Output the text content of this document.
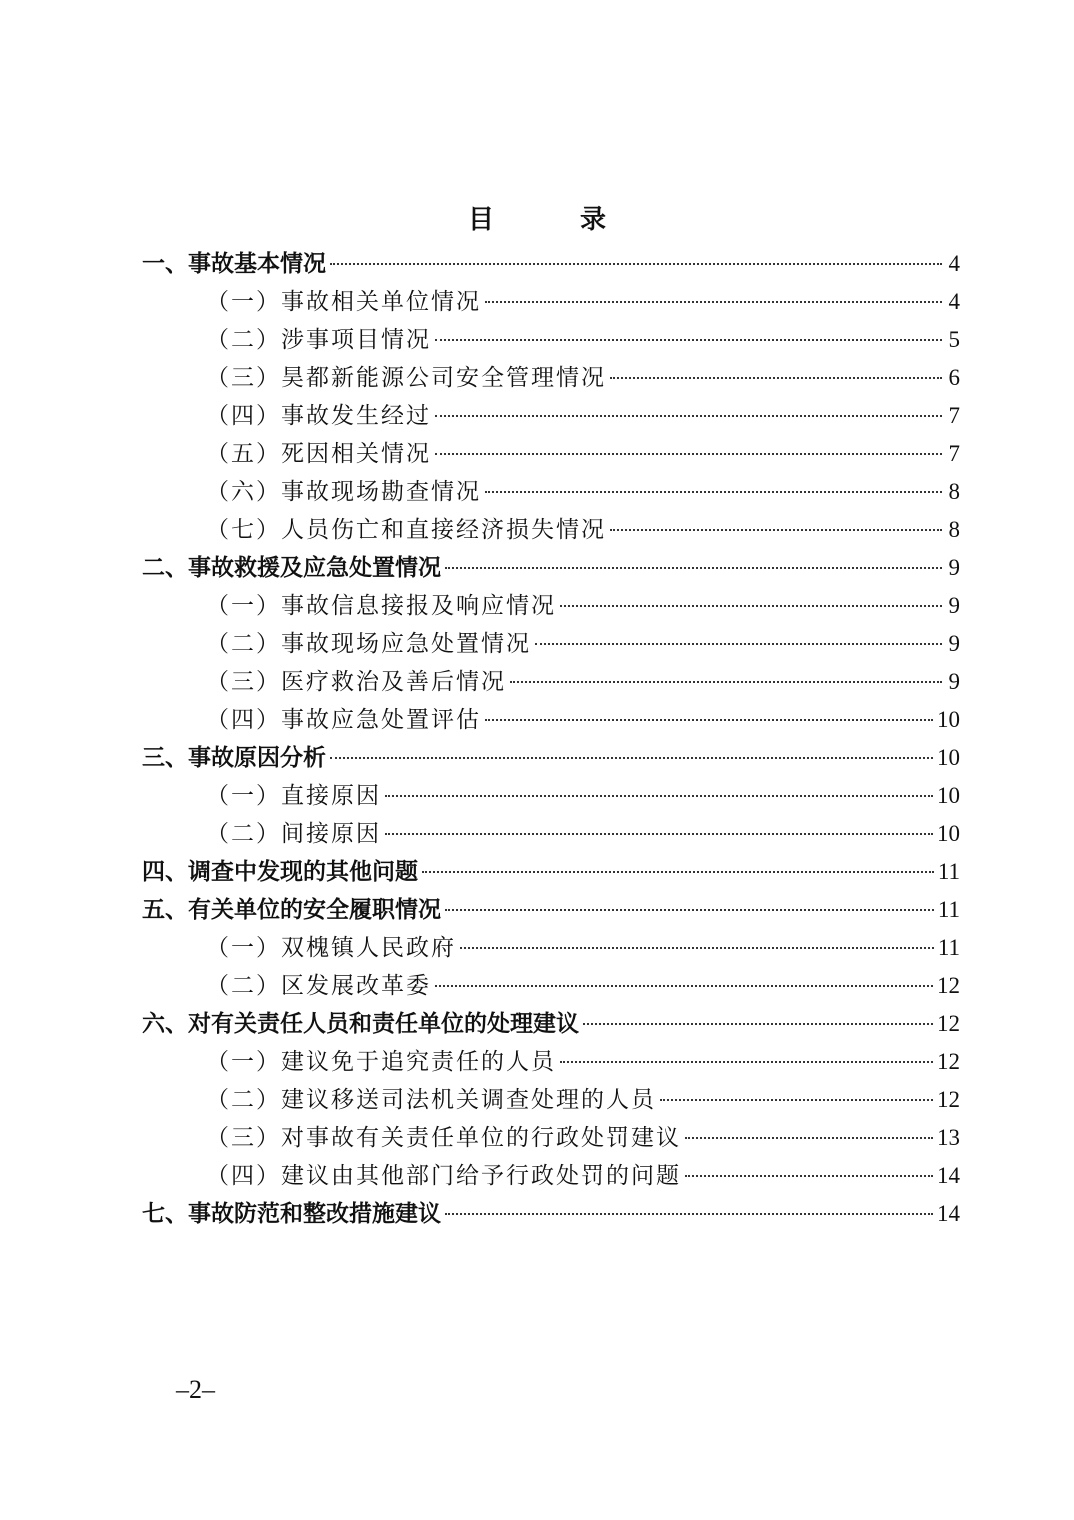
目　录
一、事故基本情况	4
（一）事故相关单位情况	4
（二）涉事项目情况	5
（三）昊都新能源公司安全管理情况	6
（四）事故发生经过	7
（五）死因相关情况	7
（六）事故现场勘查情况	8
（七）人员伤亡和直接经济损失情况	8
二、事故救援及应急处置情况	9
（一）事故信息接报及响应情况	9
（二）事故现场应急处置情况	9
（三）医疗救治及善后情况	9
（四）事故应急处置评估	10
三、事故原因分析	10
（一）直接原因	10
（二）间接原因	10
四、调查中发现的其他问题	11
五、有关单位的安全履职情况	11
（一）双槐镇人民政府	11
（二）区发展改革委	12
六、对有关责任人员和责任单位的处理建议	12
（一）建议免于追究责任的人员	12
（二）建议移送司法机关调查处理的人员	12
（三）对事故有关责任单位的行政处罚建议	13
（四）建议由其他部门给予行政处罚的问题	14
七、事故防范和整改措施建议	14
–2–
